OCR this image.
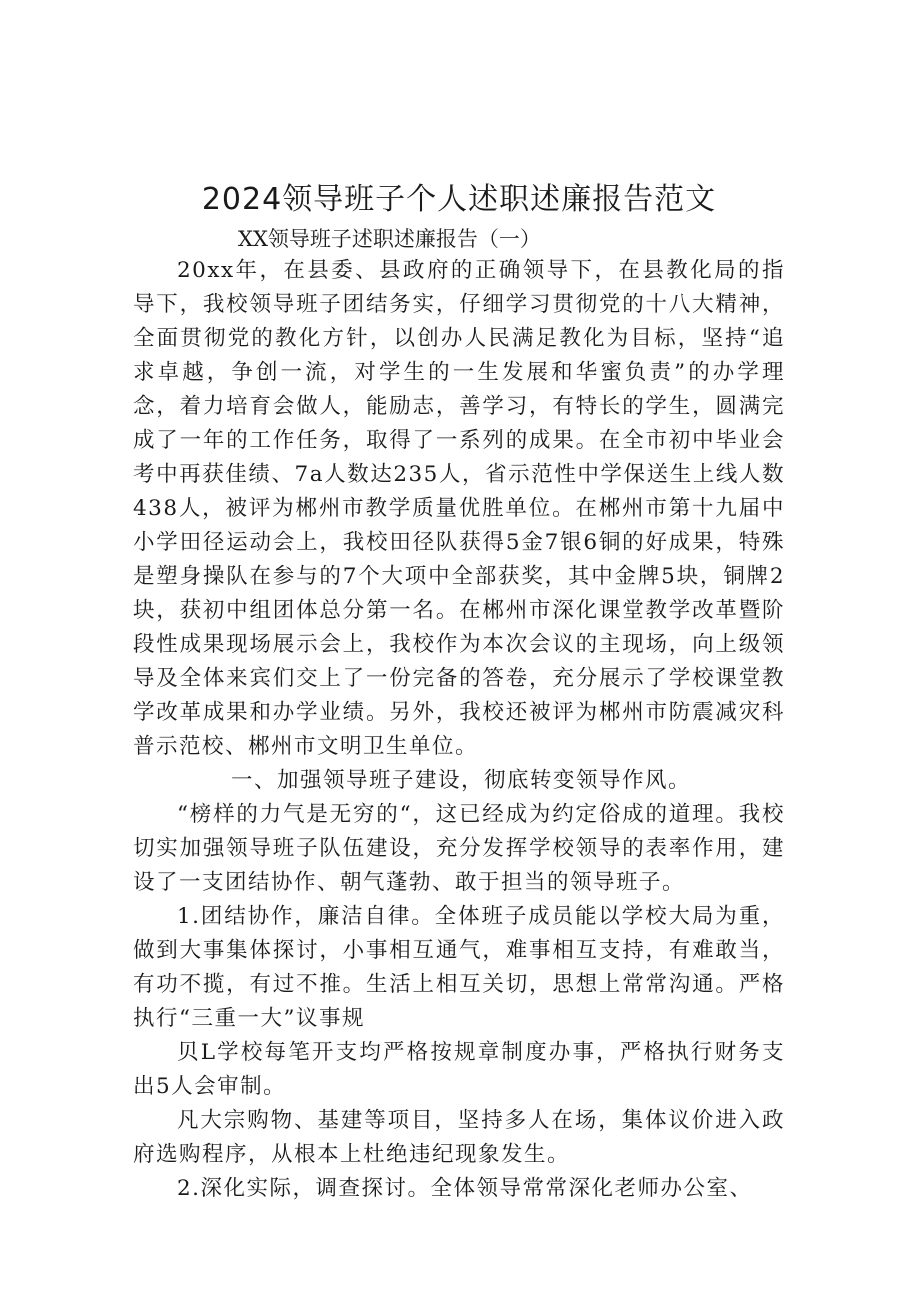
2024领导班子个人述职述廉报告范文

XX领导班子述职述廉报告（一）

20xx年，在县委、县政府的正确领导下，在县教化局的指导下，我校领导班子团结务实，仔细学习贯彻党的十八大精神，全面贯彻党的教化方针，以创办人民满足教化为目标，坚持“追求卓越，争创一流，对学生的一生发展和华蜜负责”的办学理念，着力培育会做人，能励志，善学习，有特长的学生，圆满完成了一年的工作任务，取得了一系列的成果。在全市初中毕业会考中再获佳绩、7a人数达235人，省示范性中学保送生上线人数438人，被评为郴州市教学质量优胜单位。在郴州市第十九届中小学田径运动会上，我校田径队获得5金7银6铜的好成果，特殊是塑身操队在参与的7个大项中全部获奖，其中金牌5块，铜牌2块，获初中组团体总分第一名。在郴州市深化课堂教学改革暨阶段性成果现场展示会上，我校作为本次会议的主现场，向上级领导及全体来宾们交上了一份完备的答卷，充分展示了学校课堂教学改革成果和办学业绩。另外，我校还被评为郴州市防震减灾科普示范校、郴州市文明卫生单位。

一、加强领导班子建设，彻底转变领导作风。

“榜样的力气是无穷的“，这已经成为约定俗成的道理。我校切实加强领导班子队伍建设，充分发挥学校领导的表率作用，建设了一支团结协作、朝气蓬勃、敢于担当的领导班子。

1.团结协作，廉洁自律。全体班子成员能以学校大局为重，做到大事集体探讨，小事相互通气，难事相互支持，有难敢当，有功不揽，有过不推。生活上相互关切，思想上常常沟通。严格执行“三重一大”议事规

贝L学校每笔开支均严格按规章制度办事，严格执行财务支出5人会审制。

凡大宗购物、基建等项目，坚持多人在场，集体议价进入政府选购程序，从根本上杜绝违纪现象发生。

2.深化实际，调查探讨。全体领导常常深化老师办公室、
